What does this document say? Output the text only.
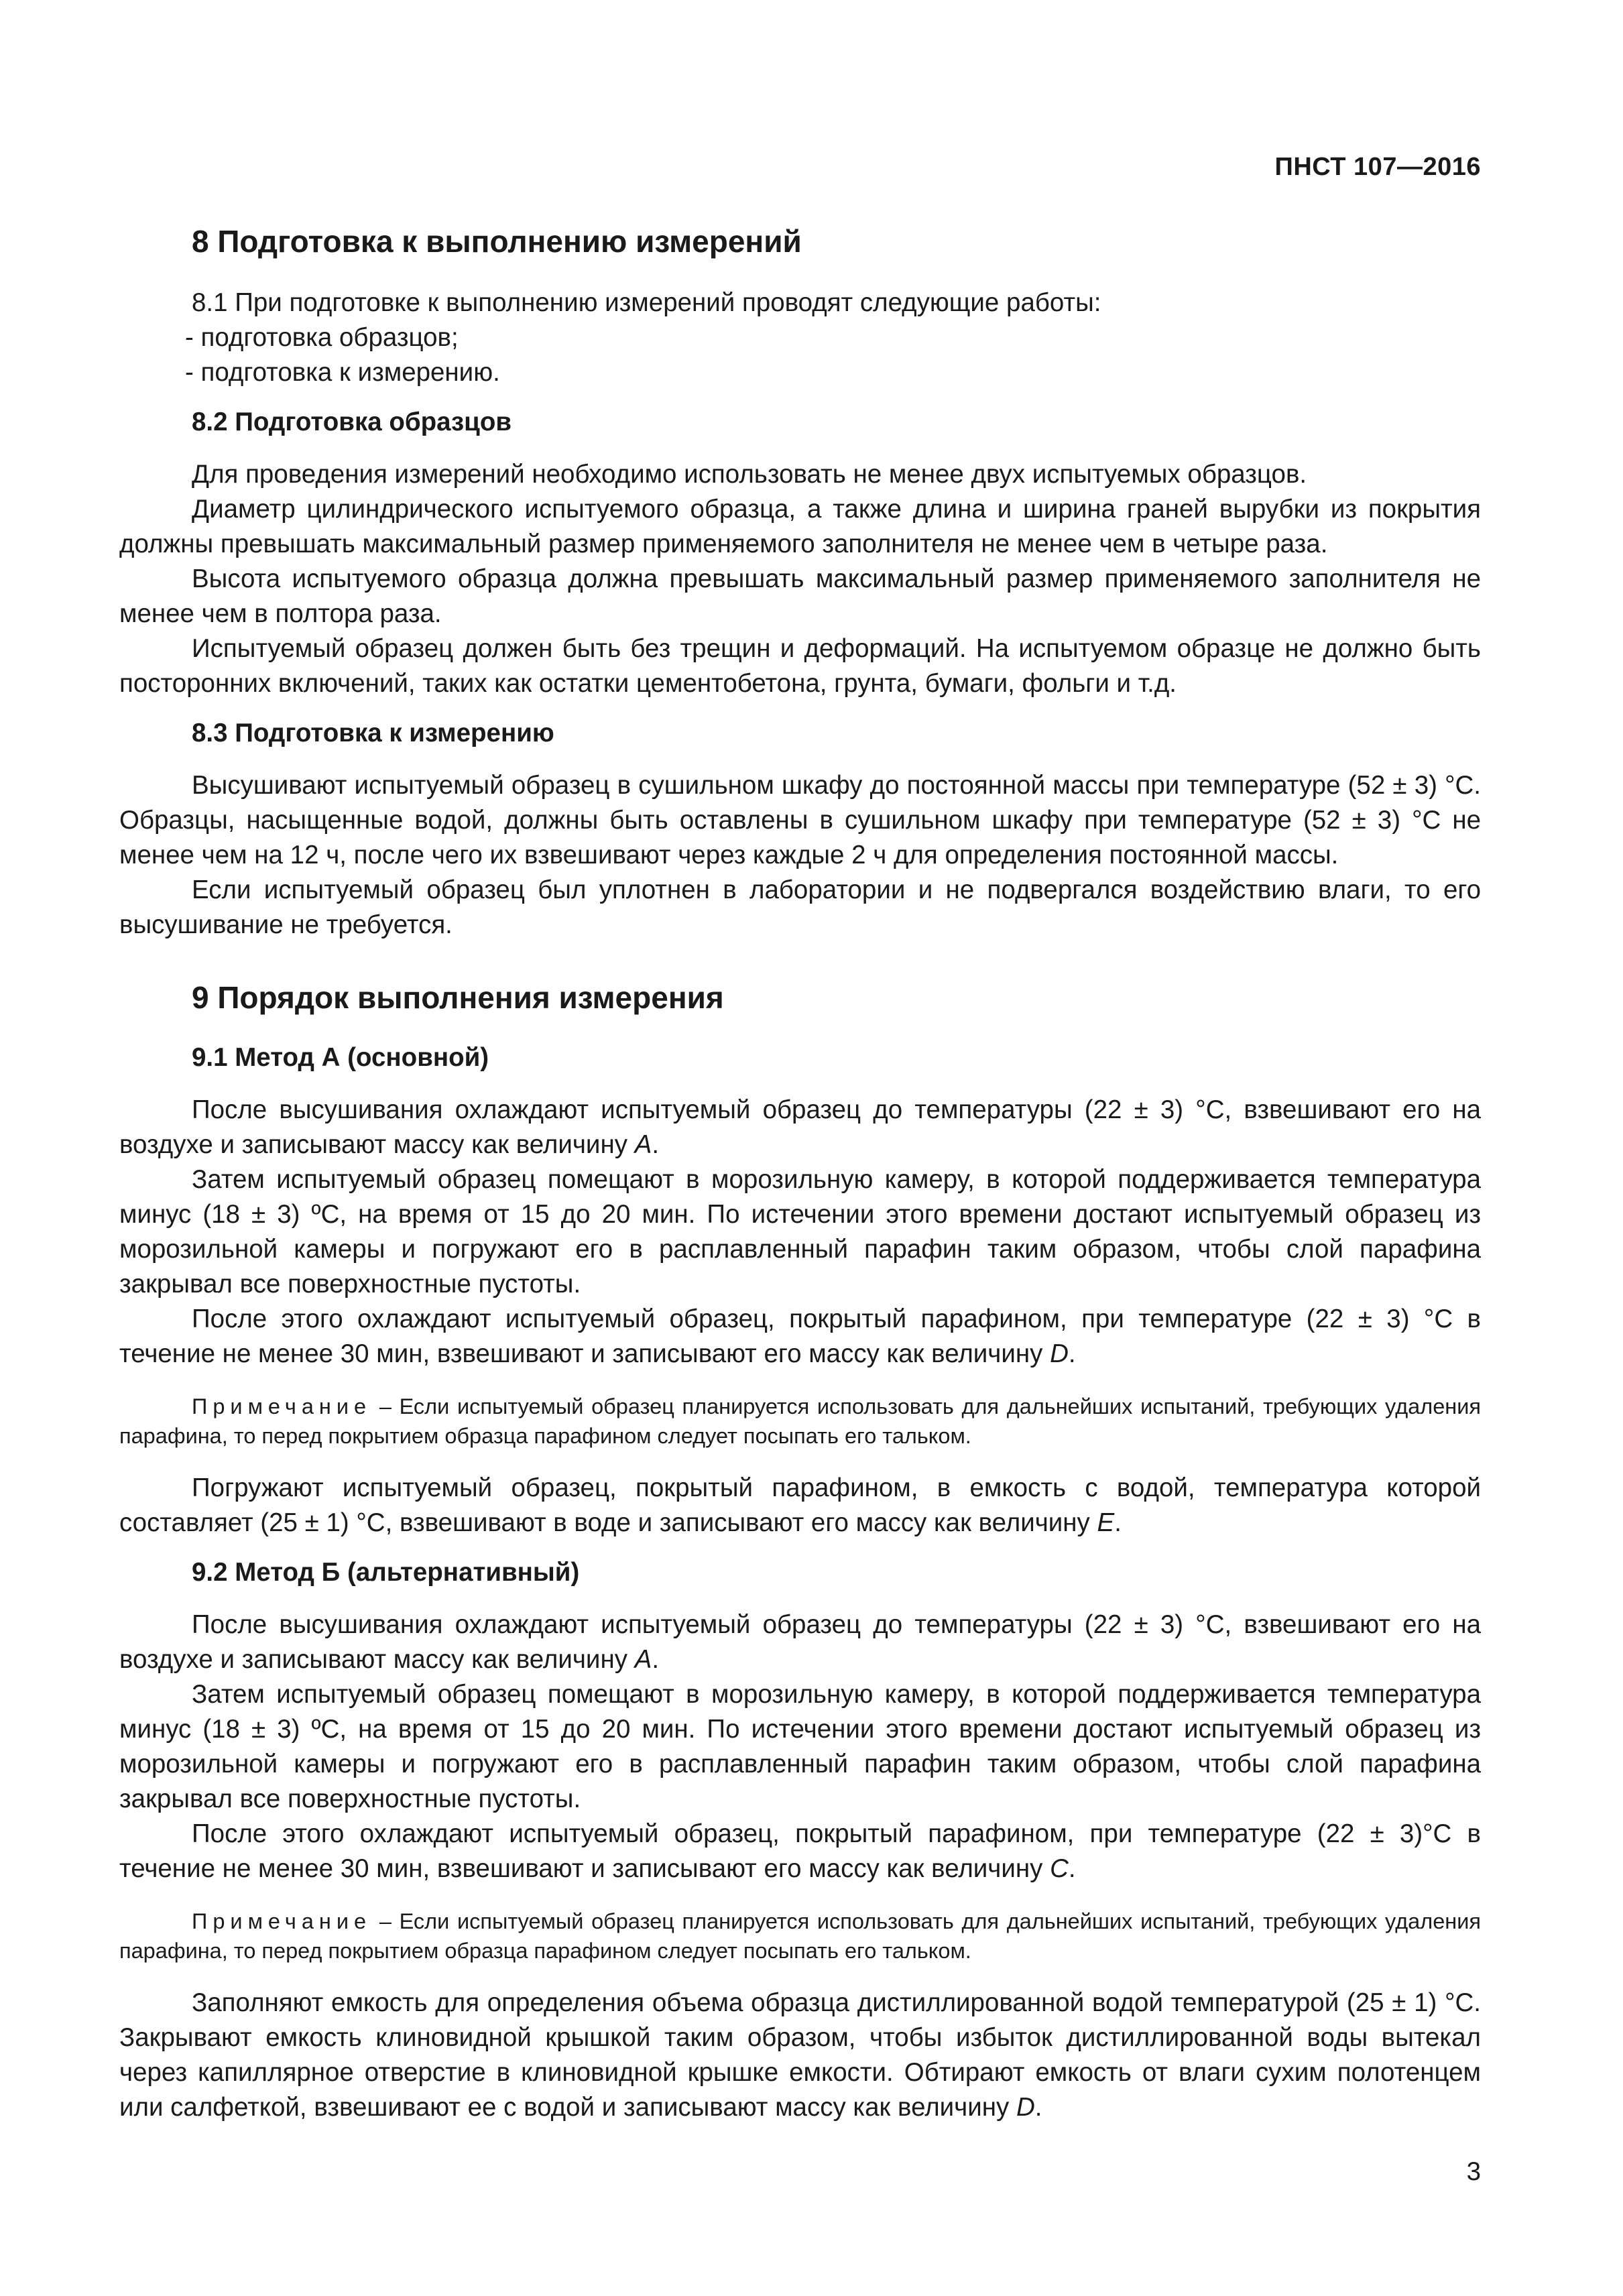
ПНСТ 107—2016
8 Подготовка к выполнению измерений

8.1 При подготовке к выполнению измерений проводят следующие работы:

- подготовка образцов;

- подготовка к измерению.

8.2 Подготовка образцов

Для проведения измерений необходимо использовать не менее двух испытуемых образцов.

Диаметр цилиндрического испытуемого образца, а также длина и ширина граней вырубки из покрытия должны превышать максимальный размер применяемого заполнителя не менее чем в четыре раза.

Высота испытуемого образца должна превышать максимальный размер применяемого заполнителя не менее чем в полтора раза.

Испытуемый образец должен быть без трещин и деформаций. На испытуемом образце не должно быть посторонних включений, таких как остатки цементобетона, грунта, бумаги, фольги и т.д.

8.3 Подготовка к измерению

Высушивают испытуемый образец в сушильном шкафу до постоянной массы при температуре (52 ± 3) °С. Образцы, насыщенные водой, должны быть оставлены в сушильном шкафу при температуре (52 ± 3) °С не менее чем на 12 ч, после чего их взвешивают через каждые 2 ч для определения постоянной массы.

Если испытуемый образец был уплотнен в лаборатории и не подвергался воздействию влаги, то его высушивание не требуется.

9 Порядок выполнения измерения
9.1 Метод А (основной)

После высушивания охлаждают испытуемый образец до температуры (22 ± 3) °С, взвешивают его на воздухе и записывают массу как величину А.

Затем испытуемый образец помещают в морозильную камеру, в которой поддерживается температура минус (18 ± 3) ºС, на время от 15 до 20 мин. По истечении этого времени достают испытуемый образец из морозильной камеры и погружают его в расплавленный парафин таким образом, чтобы слой парафина закрывал все поверхностные пустоты.

После этого охлаждают испытуемый образец, покрытый парафином, при температуре (22 ± 3) °С в течение не менее 30 мин, взвешивают и записывают его массу как величину D.

Примечание – Если испытуемый образец планируется использовать для дальнейших испытаний, требующих удаления парафина, то перед покрытием образца парафином следует посыпать его тальком.

Погружают испытуемый образец, покрытый парафином, в емкость с водой, температура которой составляет (25 ± 1) °С, взвешивают в воде и записывают его массу как величину Е.

9.2 Метод Б (альтернативный)

После высушивания охлаждают испытуемый образец до температуры (22 ± 3) °С, взвешивают его на воздухе и записывают массу как величину А.

Затем испытуемый образец помещают в морозильную камеру, в которой поддерживается температура минус (18 ± 3) ºС, на время от 15 до 20 мин. По истечении этого времени достают испытуемый образец из морозильной камеры и погружают его в расплавленный парафин таким образом, чтобы слой парафина закрывал все поверхностные пустоты.

После этого охлаждают испытуемый образец, покрытый парафином, при температуре (22 ± 3)°С в течение не менее 30 мин, взвешивают и записывают его массу как величину С.

Примечание – Если испытуемый образец планируется использовать для дальнейших испытаний, требующих удаления парафина, то перед покрытием образца парафином следует посыпать его тальком.

Заполняют емкость для определения объема образца дистиллированной водой температурой (25 ± 1) °С. Закрывают емкость клиновидной крышкой таким образом, чтобы избыток дистиллированной воды вытекал через капиллярное отверстие в клиновидной крышке емкости. Обтирают емкость от влаги сухим полотенцем или салфеткой, взвешивают ее с водой и записывают массу как величину D.

3
